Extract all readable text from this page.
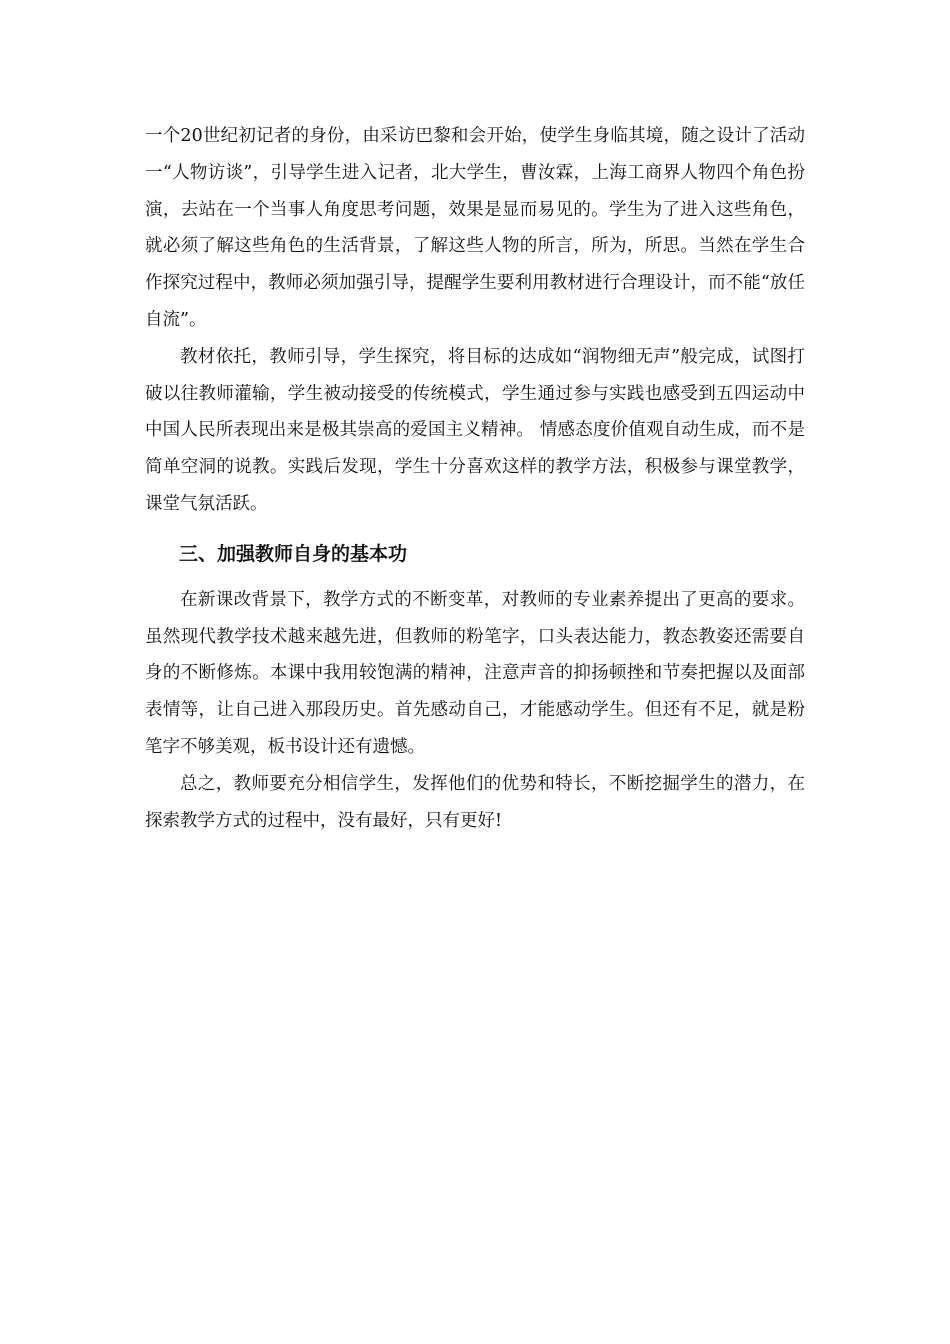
一个20世纪初记者的身份，由采访巴黎和会开始，使学生身临其境，随之设计了活动一“人物访谈”，引导学生进入记者，北大学生，曹汝霖，上海工商界人物四个角色扮演，去站在一个当事人角度思考问题，效果是显而易见的。学生为了进入这些角色，就必须了解这些角色的生活背景，了解这些人物的所言，所为，所思。当然在学生合作探究过程中，教师必须加强引导，提醒学生要利用教材进行合理设计，而不能“放任自流”。

教材依托，教师引导，学生探究，将目标的达成如“润物细无声”般完成，试图打破以往教师灌输，学生被动接受的传统模式，学生通过参与实践也感受到五四运动中中国人民所表现出来是极其崇高的爱国主义精神。 情感态度价值观自动生成，而不是简单空洞的说教。实践后发现，学生十分喜欢这样的教学方法，积极参与课堂教学，课堂气氛活跃。

三、加强教师自身的基本功

在新课改背景下，教学方式的不断变革，对教师的专业素养提出了更高的要求。虽然现代教学技术越来越先进，但教师的粉笔字，口头表达能力，教态教姿还需要自身的不断修炼。本课中我用较饱满的精神，注意声音的抑扬顿挫和节奏把握以及面部表情等，让自己进入那段历史。首先感动自己，才能感动学生。但还有不足，就是粉笔字不够美观，板书设计还有遗憾。

总之，教师要充分相信学生，发挥他们的优势和特长，不断挖掘学生的潜力，在探索教学方式的过程中，没有最好，只有更好!
